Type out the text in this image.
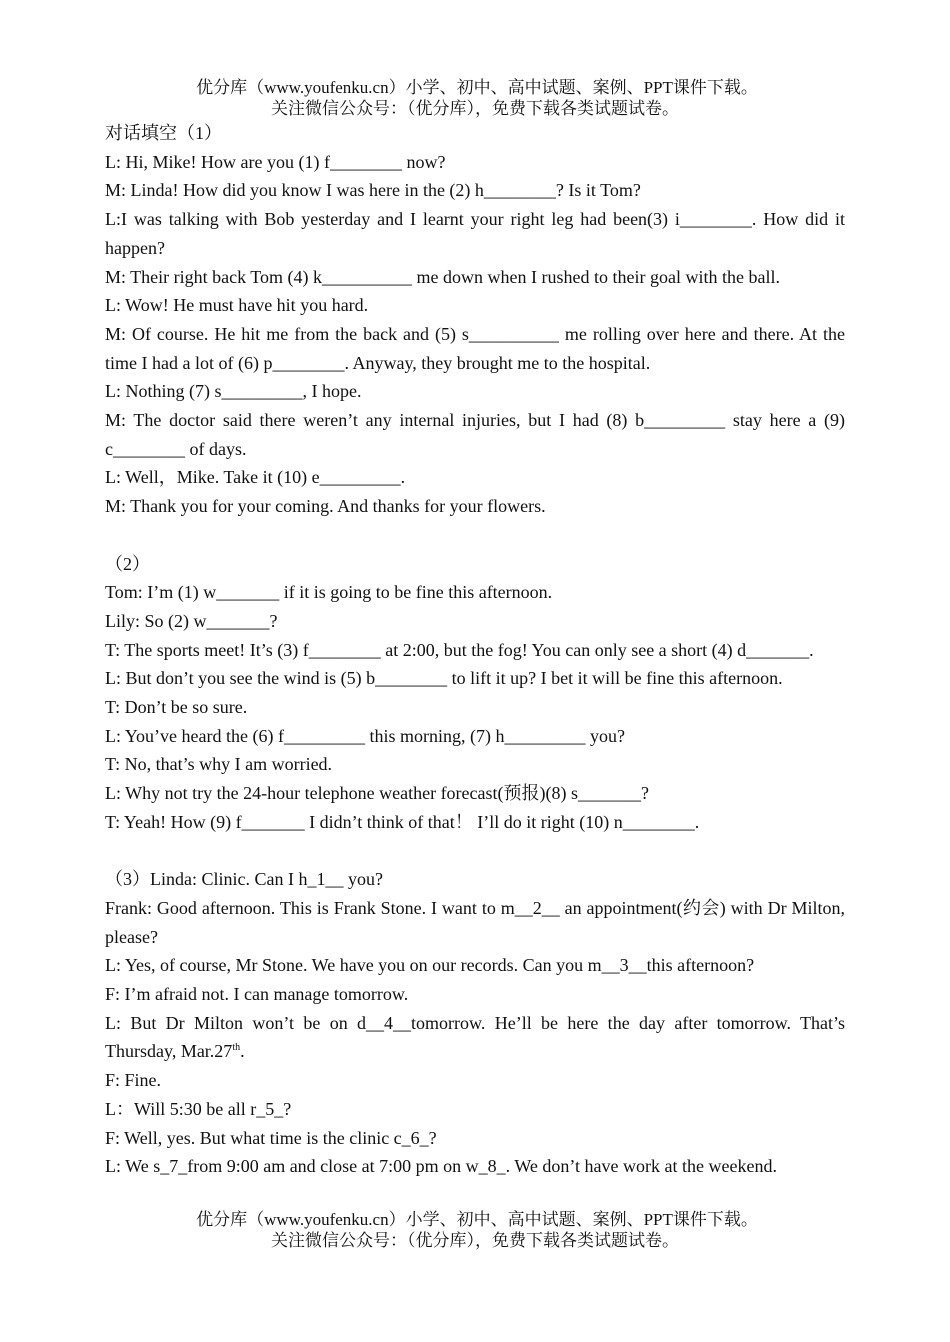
优分库（www.youfenku.cn）小学、初中、高中试题、案例、PPT课件下载。
关注微信公众号：（优分库），免费下载各类试题试卷。
对话填空（1）
L: Hi, Mike! How are you (1) f________ now?
M: Linda! How did you know I was here in the (2) h________? Is it Tom?
L:I was talking with Bob yesterday and I learnt your right leg had been(3) i________. How did it happen?
M: Their right back Tom (4) k__________ me down when I rushed to their goal with the ball.
L: Wow! He must have hit you hard.
M: Of course. He hit me from the back and (5) s__________ me rolling over here and there. At the time I had a lot of (6) p________. Anyway, they brought me to the hospital.
L: Nothing (7) s_________, I hope.
M: The doctor said there weren’t any internal injuries, but I had (8) b_________ stay here a (9) c________ of days.
L: Well，Mike. Take it (10) e_________.
M: Thank you for your coming. And thanks for your flowers.
（2）
Tom: I’m (1) w_______ if it is going to be fine this afternoon.
Lily: So (2) w_______?
T: The sports meet! It’s (3) f________ at 2:00, but the fog! You can only see a short (4) d_______.
L: But don’t you see the wind is (5) b________ to lift it up? I bet it will be fine this afternoon.
T: Don’t be so sure.
L: You’ve heard the (6) f_________ this morning, (7) h_________ you?
T: No, that’s why I am worried.
L: Why not try the 24-hour telephone weather forecast(预报)(8) s_______?
T: Yeah! How (9) f_______ I didn’t think of that！ I’ll do it right (10) n________.
（3）Linda: Clinic. Can I h_1__ you?
Frank: Good afternoon. This is Frank Stone. I want to m__2__ an appointment(约会) with Dr Milton, please?
L: Yes, of course, Mr Stone. We have you on our records. Can you m__3__this afternoon?
F: I’m afraid not. I can manage tomorrow.
L: But Dr Milton won’t be on d__4__tomorrow. He’ll be here the day after tomorrow. That’s Thursday, Mar.27th.
F: Fine.
L：Will 5:30 be all r_5_?
F: Well, yes. But what time is the clinic c_6_?
L: We s_7_from 9:00 am and close at 7:00 pm on w_8_. We don’t have work at the weekend.
优分库（www.youfenku.cn）小学、初中、高中试题、案例、PPT课件下载。
关注微信公众号：（优分库），免费下载各类试题试卷。
